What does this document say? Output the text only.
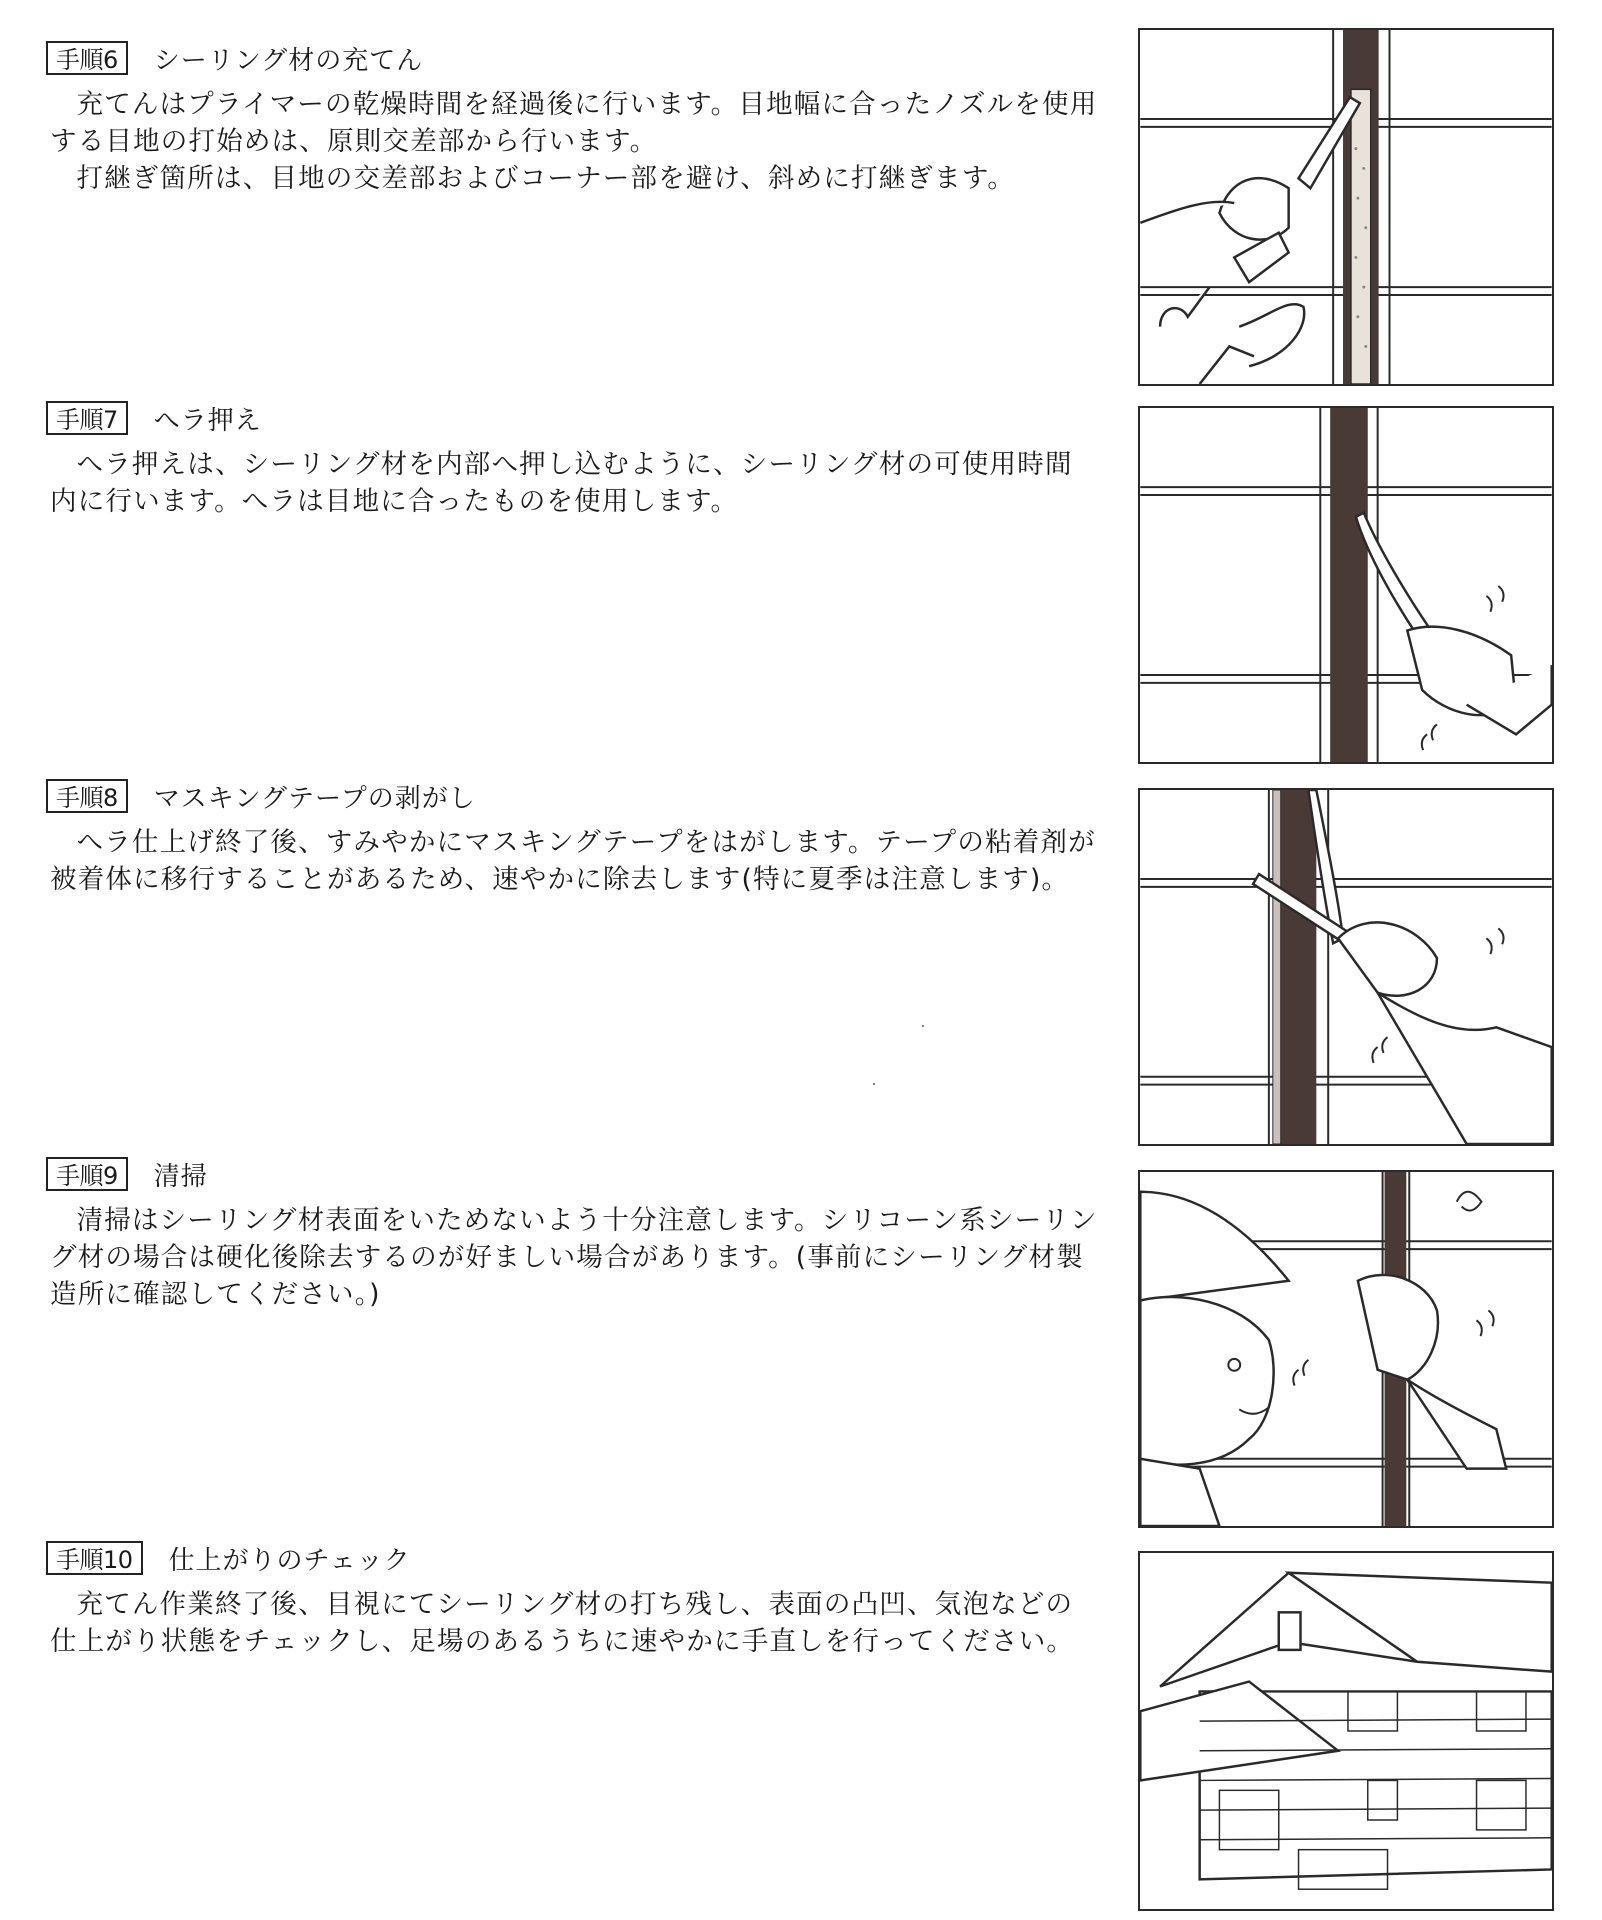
手順6	シーリング材の充てん

充てんはプライマーの乾燥時間を経過後に行います。目地幅に合ったノズルを使用する目地の打始めは、原則交差部から行います。

打継ぎ箇所は、目地の交差部およびコーナー部を避け、斜めに打継ぎます。

手順7	へラ押え

へラ押えは、シーリング材を内部へ押し込むように、シーリング材の可使用時間内に行います。へラは目地に合ったものを使用します。

手順8	マスキングテープの剥がし

へラ仕上げ終了後、すみやかにマスキングテープをはがします。テープの粘着剤が被着体に移行することがあるため、速やかに除去します(特に夏季は注意します)。

手順9	清掃

清掃はシーリング材表面をいためないよう十分注意します。シリコーン系シーリング材の場合は硬化後除去するのが好ましい場合があります。(事前にシーリング材製造所に確認してください。)

手順10	仕上がりのチェック

充てん作業終了後、目視にてシーリング材の打ち残し、表面の凸凹、気泡などの仕上がり状態をチェックし、足場のあるうちに速やかに手直しを行ってください。
